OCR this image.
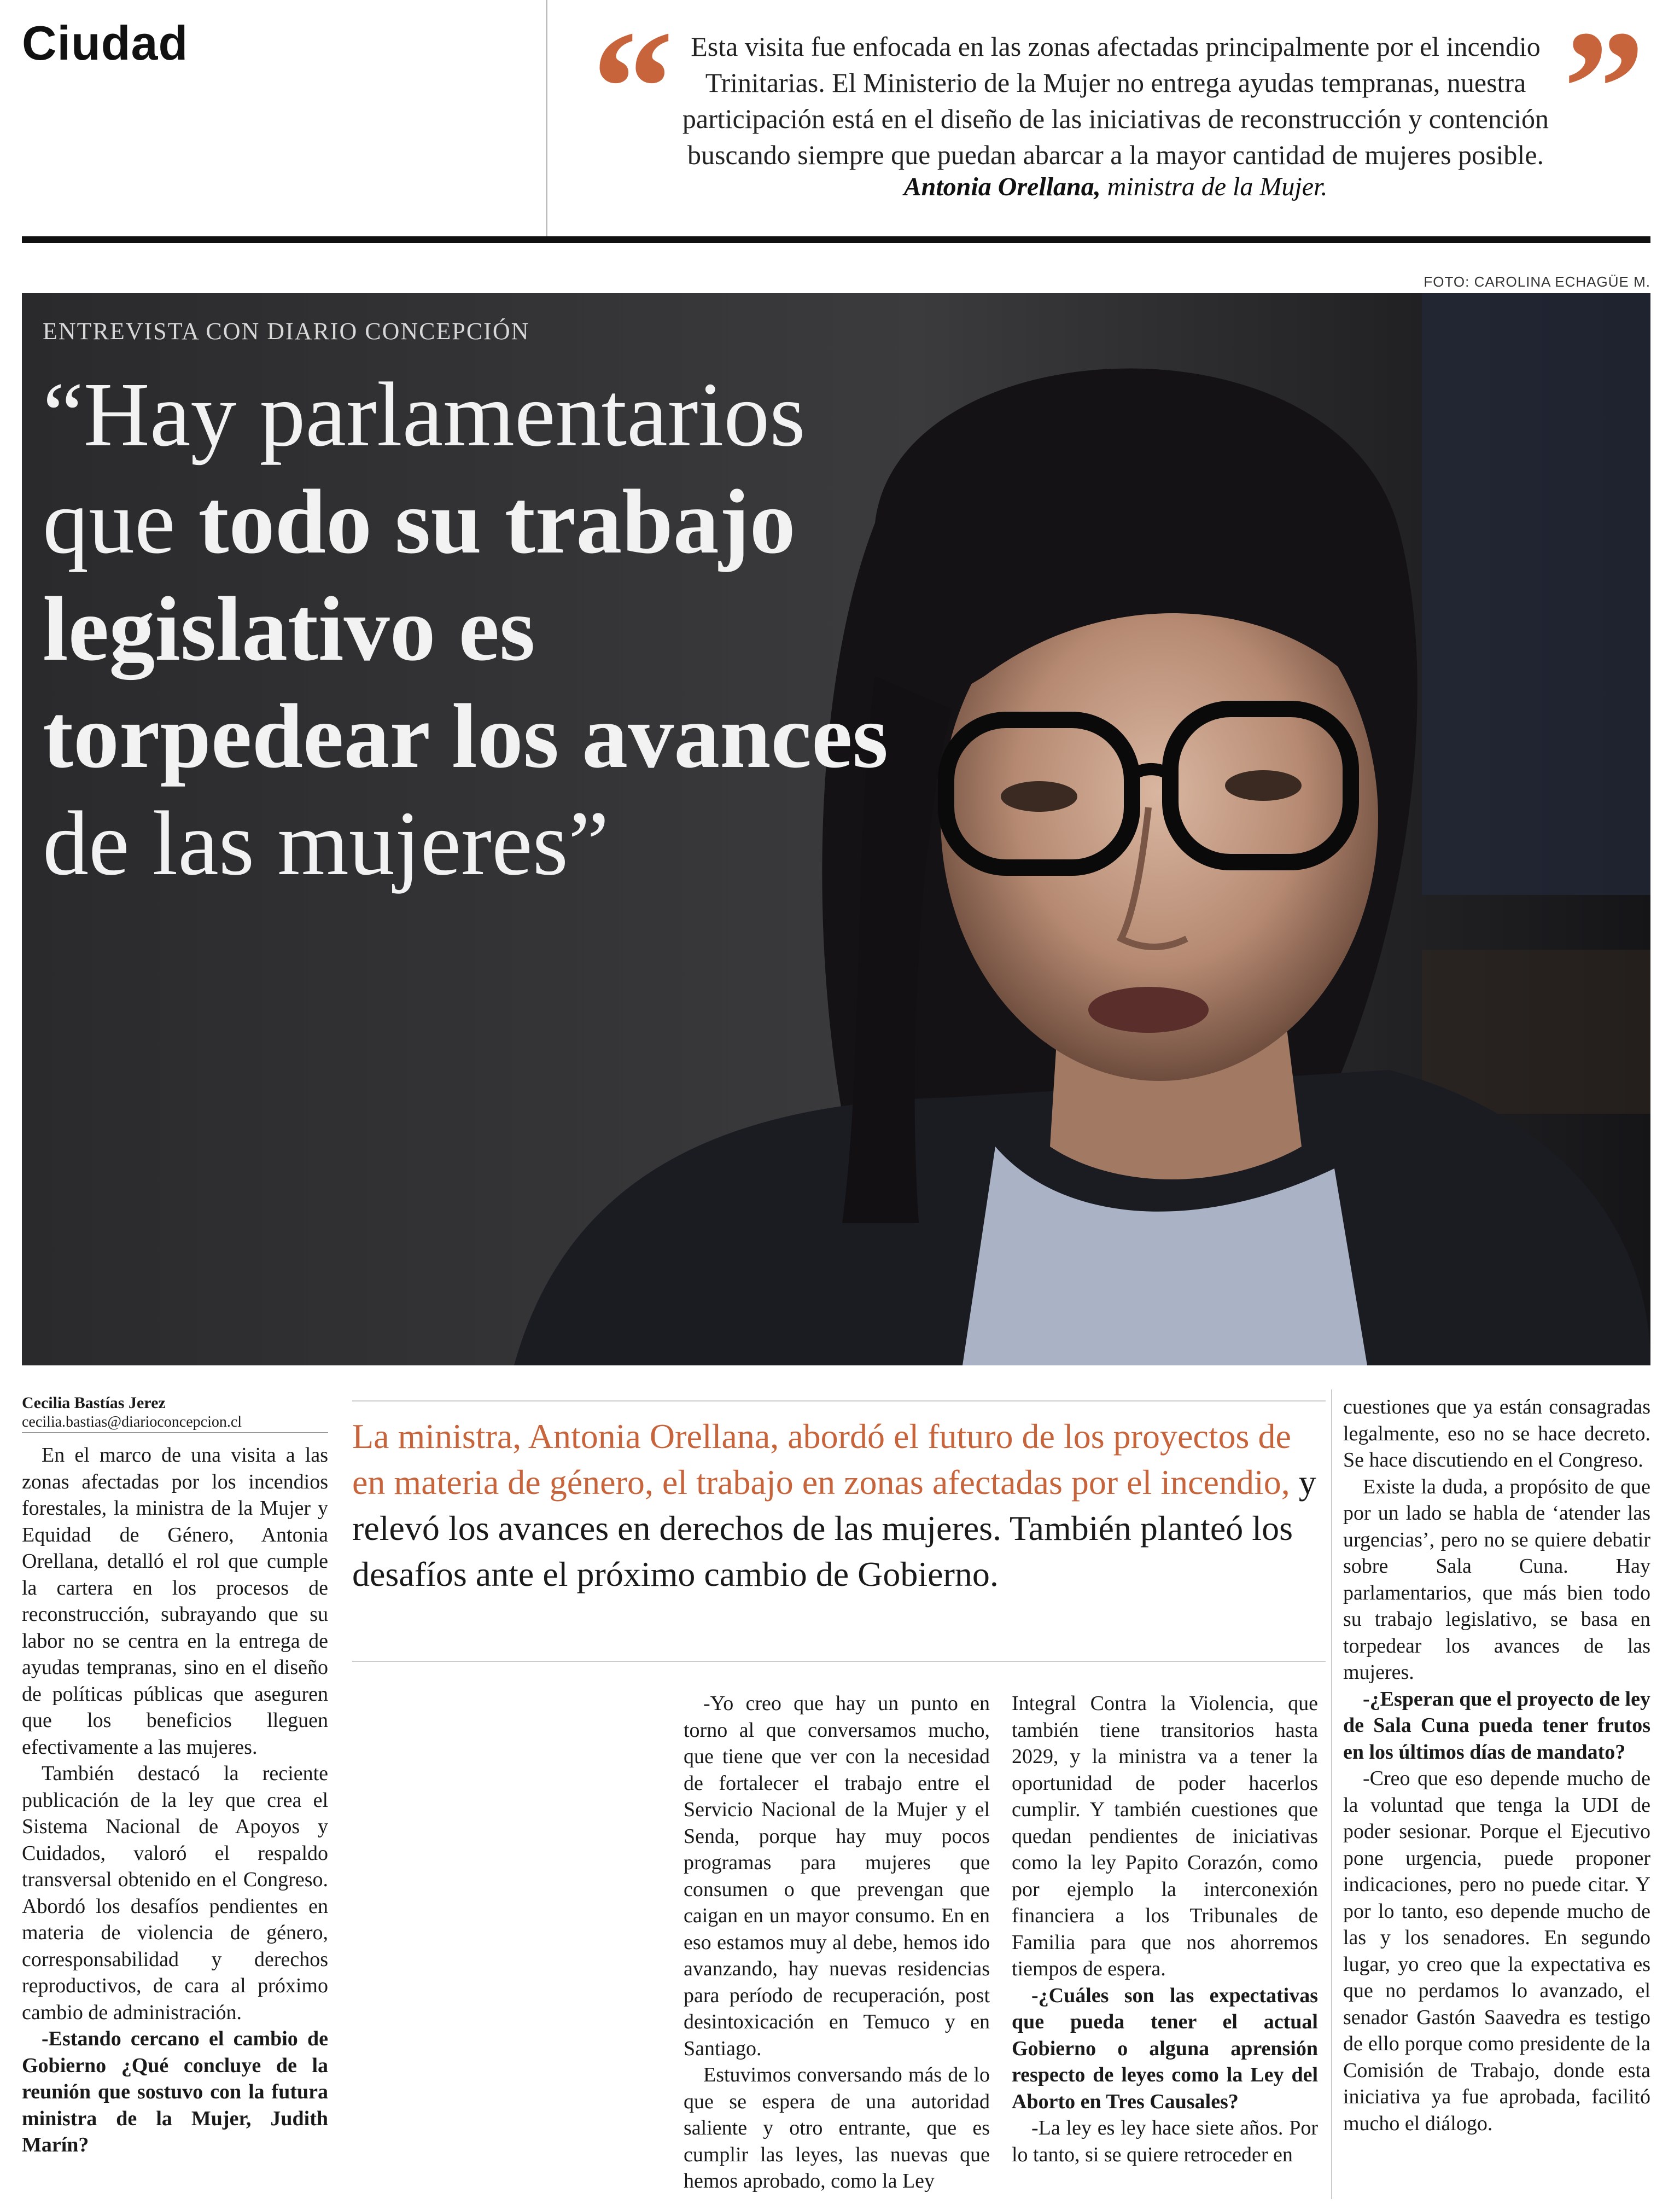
Ciudad “ Esta visita fue enfocada en las zonas afectadas principalmente por el incendio Trinitarias. El Ministerio de la Mujer no entrega ayudas tempranas, nuestra participación está en el diseño de las iniciativas de reconstrucción y contención buscando siempre que puedan abarcar a la mayor cantidad de mujeres posible.
Antonia Orellana, ministra de la Mujer.
”
FOTO: CAROLINA ECHAGÜE M.
ENTREVISTA CON DIARIO CONCEPCIÓN
“Hay parlamentarios que todo su trabajo legislativo es torpedear los avances de las mujeres”
Cecilia Bastías Jerez
cecilia.bastias@diarioconcepcion.cl	La ministra, Antonia Orellana, abordó el futuro de los proyectos de en materia de género, el trabajo en zonas afectadas por el incendio, y relevó los avances en derechos de las mujeres. También planteó los desafíos ante el próximo cambio de Gobierno.

En el marco de una visita a las zonas afectadas por los incendios forestales, la ministra de la Mujer y Equidad de Género, Antonia Orellana, detalló el rol que cumple la cartera en los procesos de reconstrucción, subrayando que su labor no se centra en la entrega de ayudas tempranas, sino en el diseño de políticas públicas que aseguren que los beneficios lleguen efectivamente a las mujeres.

También destacó la reciente publicación de la ley que crea el Sistema Nacional de Apoyos y Cuidados, valoró el respaldo transversal obtenido en el Congreso. Abordó los desafíos pendientes en materia de violencia de género, corresponsabilidad y derechos reproductivos, de cara al próximo cambio de administración.

-Estando cercano el cambio de Gobierno ¿Qué concluye de la reunión que sostuvo con la futura ministra de la Mujer, Judith Marín?

-Yo creo que hay un punto en torno al que conversamos mucho, que tiene que ver con la necesidad de fortalecer el trabajo entre el Servicio Nacional de la Mujer y el Senda, porque hay muy pocos programas para mujeres que consumen o que prevengan que caigan en un mayor consumo. En en eso estamos muy al debe, hemos ido avanzando, hay nuevas residencias para período de recuperación, post desintoxicación en Temuco y en Santiago.

Estuvimos conversando más de lo que se espera de una autoridad saliente y otro entrante, que es cumplir las leyes, las nuevas que hemos aprobado, como la Ley

Integral Contra la Violencia, que también tiene transitorios hasta 2029, y la ministra va a tener la oportunidad de poder hacerlos cumplir. Y también cuestiones que quedan pendientes de iniciativas como la ley Papito Corazón, como por ejemplo la interconexión financiera a los Tribunales de Familia para que nos ahorremos tiempos de espera.

-¿Cuáles son las expectativas que pueda tener el actual Gobierno o alguna aprensión respecto de leyes como la Ley del Aborto en Tres Causales?

-La ley es ley hace siete años. Por lo tanto, si se quiere retroceder en

cuestiones que ya están consagradas legalmente, eso no se hace decreto. Se hace discutiendo en el Congreso.

Existe la duda, a propósito de que por un lado se habla de ‘atender las urgencias’, pero no se quiere debatir sobre Sala Cuna. Hay parlamentarios, que más bien todo su trabajo legislativo, se basa en torpedear los avances de las mujeres.

-¿Esperan que el proyecto de ley de Sala Cuna pueda tener frutos en los últimos días de mandato?

-Creo que eso depende mucho de la voluntad que tenga la UDI de poder sesionar. Porque el Ejecutivo pone urgencia, puede proponer indicaciones, pero no puede citar. Y por lo tanto, eso depende mucho de las y los senadores. En segundo lugar, yo creo que la expectativa es que no perdamos lo avanzado, el senador Gastón Saavedra es testigo de ello porque como presidente de la Comisión de Trabajo, donde esta iniciativa ya fue aprobada, facilitó mucho el diálogo.
